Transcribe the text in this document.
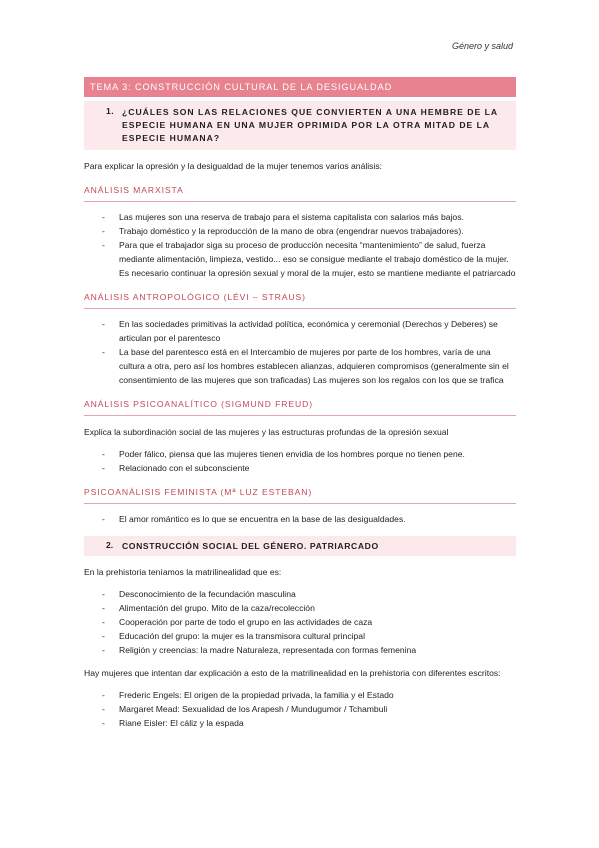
Género y salud
TEMA 3: CONSTRUCCIÓN CULTURAL DE LA DESIGUALDAD
1. ¿CUÁLES SON LAS RELACIONES QUE CONVIERTEN A UNA HEMBRE DE LA ESPECIE HUMANA EN UNA MUJER OPRIMIDA POR LA OTRA MITAD DE LA ESPECIE HUMANA?

Para explicar la opresión y la desigualdad de la mujer tenemos varios análisis:

ANÁLISIS MARXISTA
- Las mujeres son una reserva de trabajo para el sistema capitalista con salarios más bajos.
- Trabajo doméstico y la reproducción de la mano de obra (engendrar nuevos trabajadores).
- Para que el trabajador siga su proceso de producción necesita “mantenimiento” de salud, fuerza mediante alimentación, limpieza, vestido... eso se consigue mediante el trabajo doméstico de la mujer. Es necesario continuar la opresión sexual y moral de la mujer, esto se mantiene mediante el patriarcado
ANÁLISIS ANTROPOLÓGICO (LÉVI – STRAUS)
- En las sociedades primitivas la actividad política, económica y ceremonial (Derechos y Deberes) se articulan por el parentesco
- La base del parentesco está en el Intercambio de mujeres por parte de los hombres, varía de una cultura a otra, pero así los hombres establecen alianzas, adquieren compromisos (generalmente sin el consentimiento de las mujeres que son traficadas) Las mujeres son los regalos con los que se trafica
ANÁLISIS PSICOANALÍTICO (SIGMUND FREUD)

Explica la subordinación social de las mujeres y las estructuras profundas de la opresión sexual

- Poder fálico, piensa que las mujeres tienen envidia de los hombres porque no tienen pene.
- Relacionado con el subconsciente
PSICOANÁLISIS FEMINISTA (Mª LUZ ESTEBAN)
- El amor romántico es lo que se encuentra en la base de las desigualdades.
2.	CONSTRUCCIÓN SOCIAL DEL GÉNERO. PATRIARCADO

En la prehistoria teníamos la matrilinealidad que es:

- Desconocimiento de la fecundación masculina
- Alimentación del grupo. Mito de la caza/recolección
- Cooperación por parte de todo el grupo en las actividades de caza
- Educación del grupo: la mujer es la transmisora cultural principal
- Religión y creencias: la madre Naturaleza, representada con formas femenina

Hay mujeres que intentan dar explicación a esto de la matrilinealidad en la prehistoria con diferentes escritos:

- Frederic Engels: El origen de la propiedad privada, la familia y el Estado
- Margaret Mead: Sexualidad de los Arapesh / Mundugumor / Tchambuli
- Riane Eisler: El cáliz y la espada
